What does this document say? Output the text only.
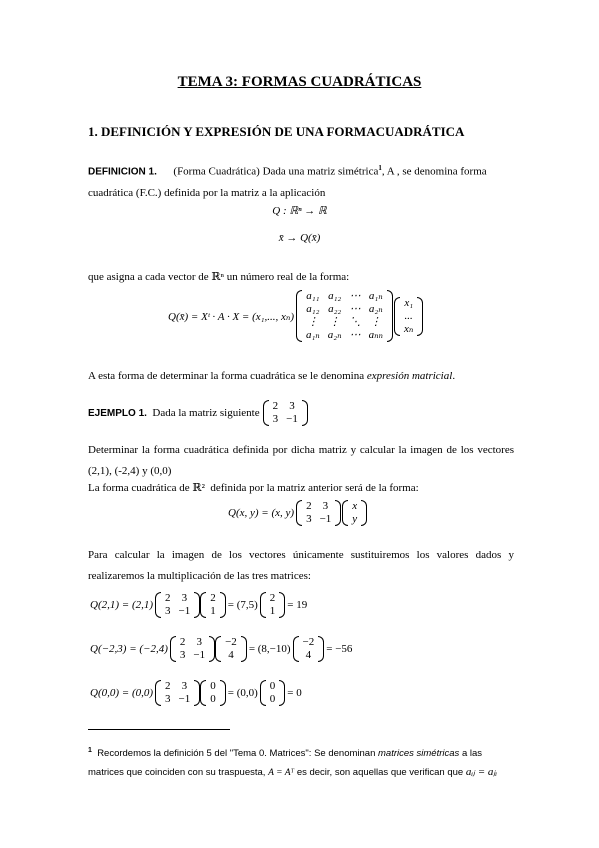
TEMA 3: FORMAS CUADRÁTICAS
1. DEFINICIÓN Y EXPRESIÓN DE UNA FORMACUADRÁTICA
DEFINICION 1. (Forma Cuadrática) Dada una matriz simétrica$^1$, A , se denomina forma
cuadrática (F.C.) definida por la matriz a la aplicación
Q : ℝⁿ → ℝ
x̄ → Q(x̄)
que asigna a cada vector de ℝⁿ un número real de la forma:
Q(x̄) = Xᵗ · A · X = (x₁,..., xₙ)
a₁₁	a₁₂	⋯	a₁ₙ
a₁₂	a₂₂	⋯	a₂ₙ
⋮	⋮	⋱	⋮
a₁ₙ	a₂ₙ	⋯	aₙₙ
x₁
...
xₙ
A esta forma de determinar la forma cuadrática se le denomina expresión matricial.
EJEMPLO 1.
Dada la matriz siguiente
2	3
3	−1
Determinar la forma cuadrática definida por dicha matriz y calcular la imagen de los vectores (2,1), (-2,4) y (0,0)
La forma cuadrática de ℝ² definida por la matriz anterior será de la forma:
Q(x, y) = (x, y)
2	3
3	−1
x
y
Para calcular la imagen de los vectores únicamente sustituiremos los valores dados y realizaremos la multiplicación de las tres matrices:
Q(2,1) = (2,1)
2	3
3	−1
2
1 = (7,5)
2
1 = 19
Q(−2,3) = (−2,4)
2	3
3	−1
−2
4 = (8,−10)
−2
4 = −56
Q(0,0) = (0,0)
2	3
3	−1
0
0 = (0,0)
0
0 = 0
$^1$ Recordemos la definición 5 del "Tema 0. Matrices": Se denominan matrices simétricas a las
matrices que coinciden con su traspuesta, A = Aᵀ es decir, son aquellas que verifican que aᵢⱼ = aⱼᵢ
